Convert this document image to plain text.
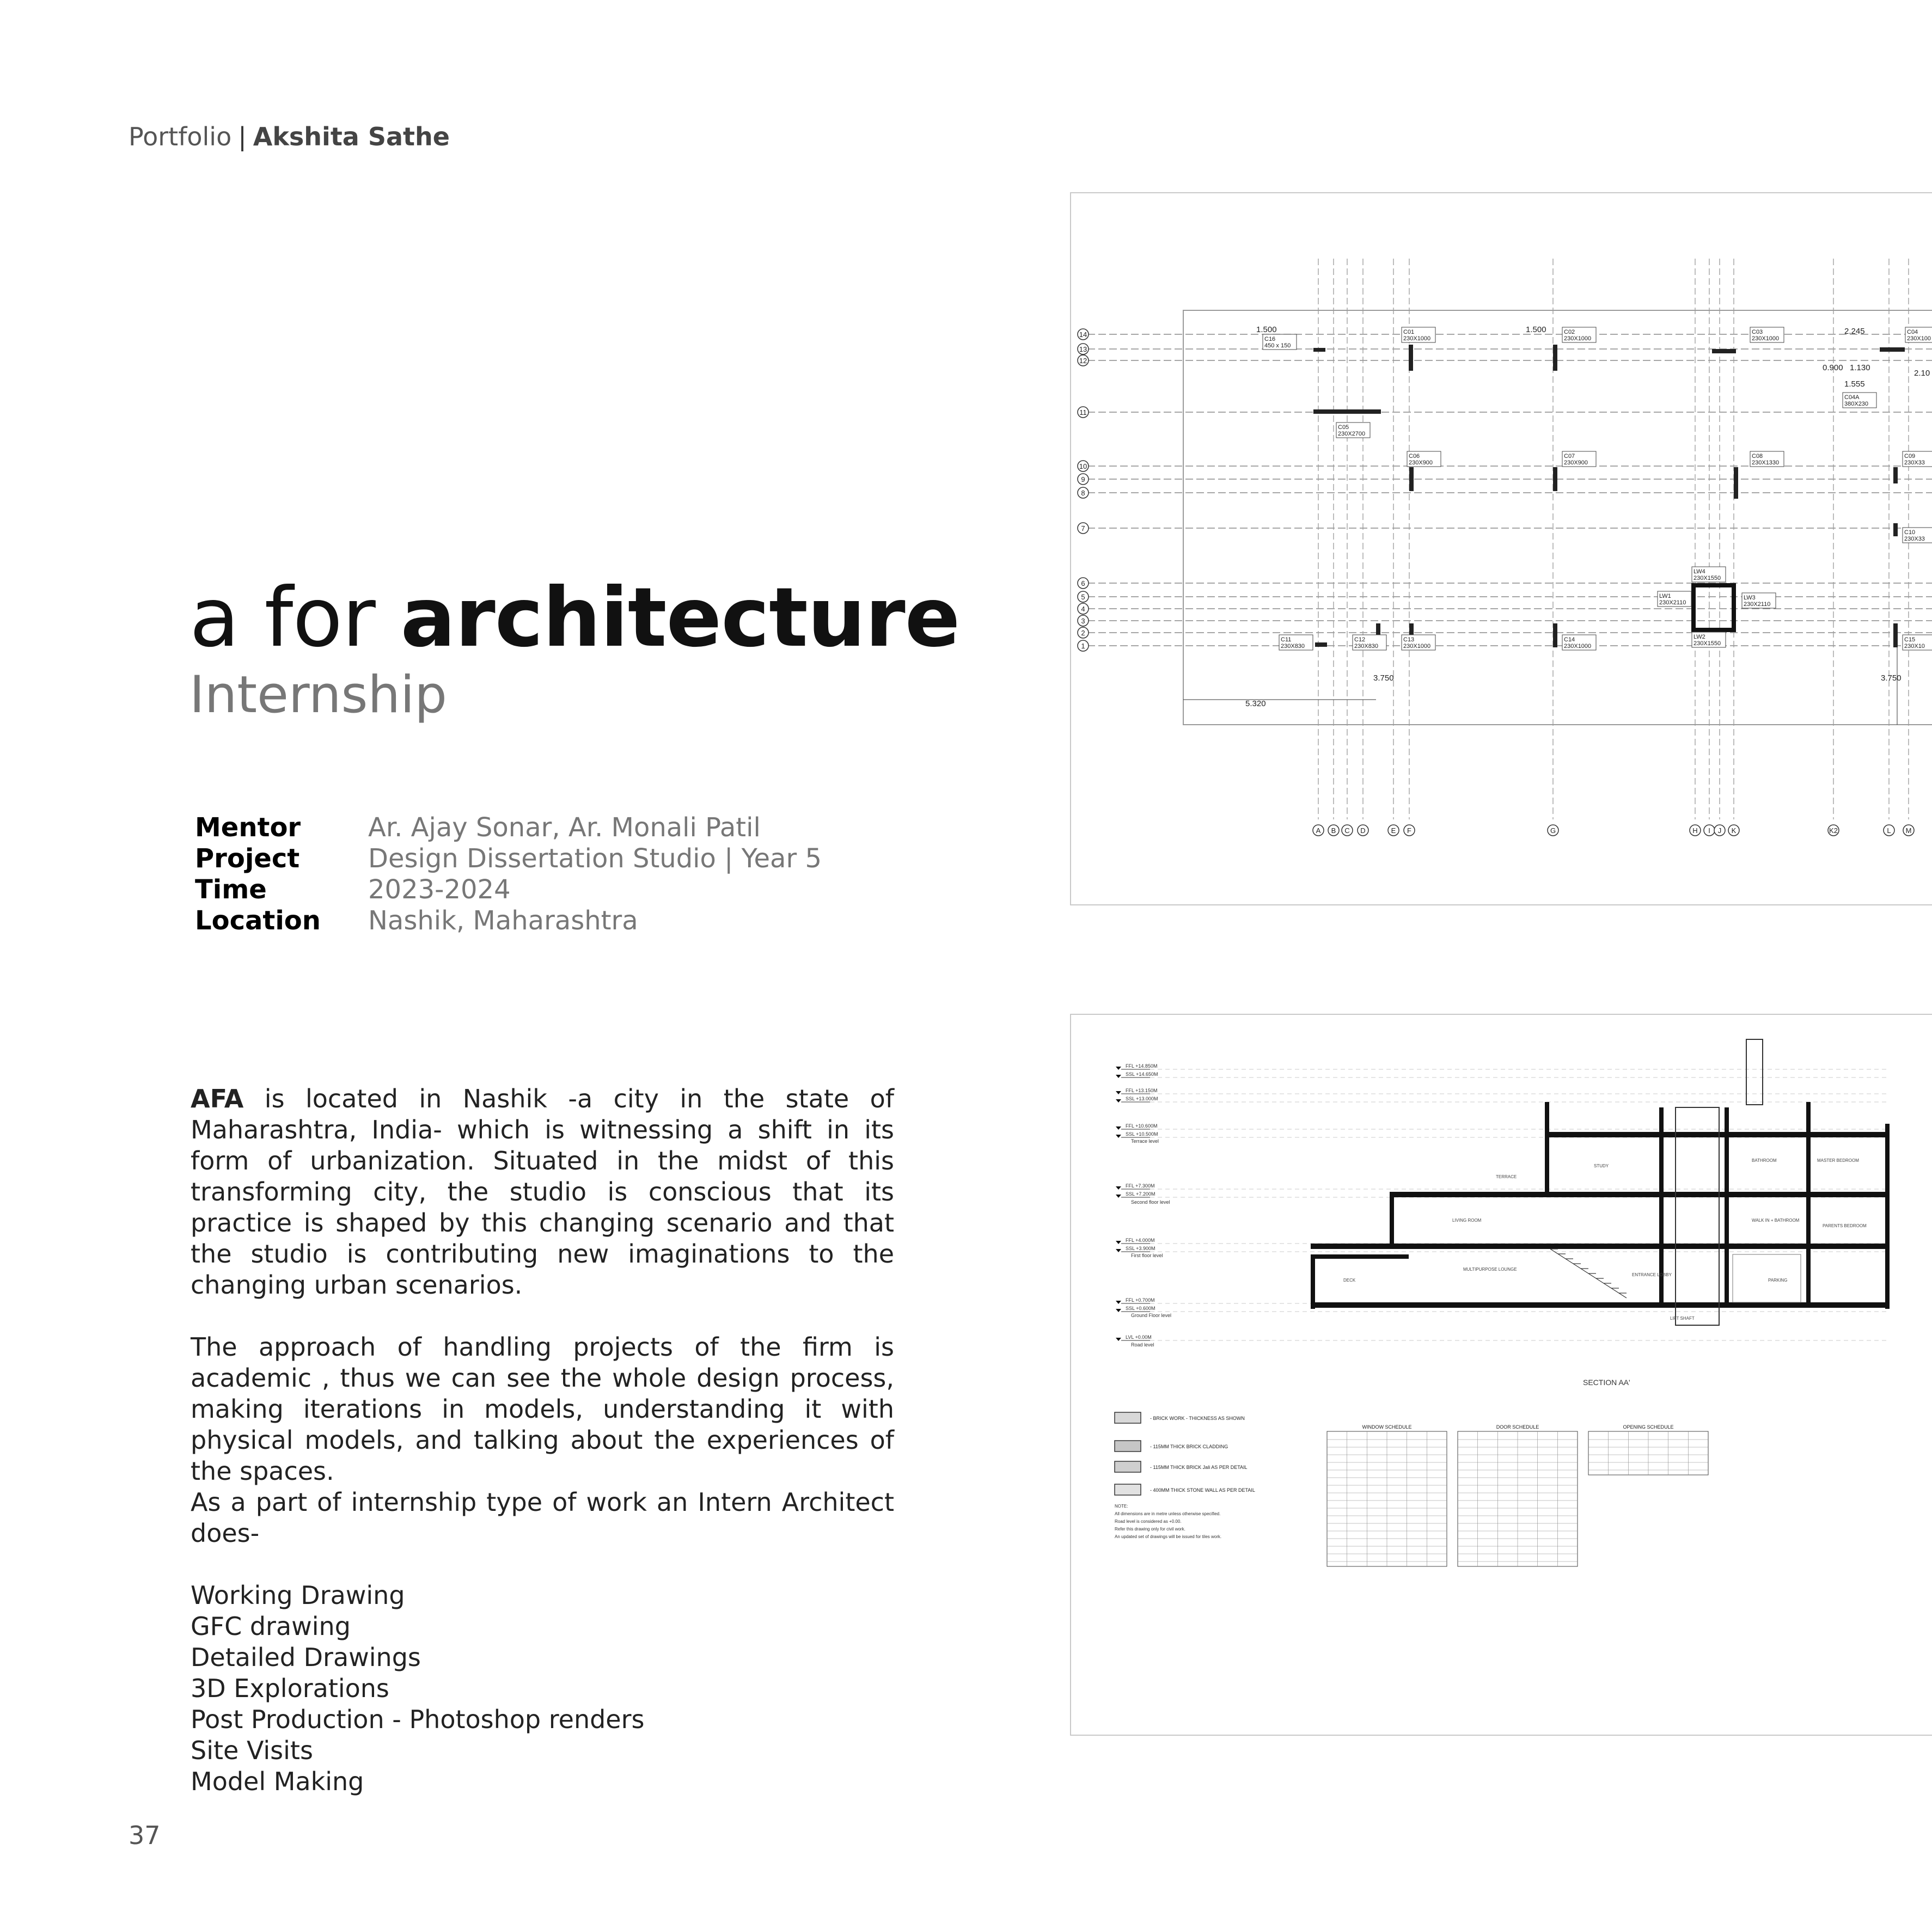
Portfolio | Akshita Sathe
a for architecture
Internship
Mentor	Ar. Ajay Sonar, Ar. Monali Patil
Project	Design Dissertation Studio | Year 5
Time	2023-2024
Location	Nashik, Maharashtra

AFA is located in Nashik -a city in the state of Maharashtra, India- which is witnessing a shift in its form of urbanization. Situated in the midst of this transforming city, the studio is conscious that its practice is shaped by this changing scenario and that the studio is contributing new imaginations to the changing urban scenarios.

The approach of handling projects of the firm is academic , thus we can see the whole design process, making iterations in models, understanding it with physical models, and talking about the experiences of the spaces.

As a part of internship type of work an Intern Architect does-

Working Drawing
GFC drawing
Detailed Drawings
3D Explorations
Post Production - Photoshop renders
Site Visits
Model Making
37
14
13
12
11
10
9
8
7
6
5
4
3
2
1
A B C D	E F	G	H I J K	K2	L M
C16
450 x 150
C01
230X1000
C02
230X1000
C03
230X1000
C04
230X100
C05
230X2700
C06
230X900
C07
230X900
C08
230X1330
C09
230X33
C10
230X33
C11
230X830
C12
230X830
C13
230X1000
C14
230X1000
C15
230X10
LW1
230X2110
LW2
230X1550
LW3
230X2110
LW4
230X1550
C04A
380X230
1.500	1.500	2.245
1.130
0.900
1.555
2.10
5.320
3.750	3.750
FFL +14.850M
SSL +14.650M
FFL +13.150M
SSL +13.000M
FFL +10.600M
SSL +10.500M
Terrace level
FFL +7.300M
SSL +7.200M
Second floor level
FFL +4.000M
SSL +3.900M
First floor level
FFL +0.700M
SSL +0.600M
Ground Floor level
LVL +0.00M
Road level
DECK
LIVING ROOM
MULTIPURPOSE LOUNGE
TERRACE
STUDY
BATHROOM	MASTER BEDROOM
WALK IN + BATHROOM
PARENTS BEDROOM
PARKING
ENTRANCE LOBBY
LIFT SHAFT
SECTION AA'
- BRICK WORK - THICKNESS AS SHOWN
- 115MM THICK BRICK CLADDING
- 115MM THICK BRICK Jali AS PER DETAIL
- 400MM THICK STONE WALL AS PER DETAIL
NOTE:
All dimensions are in metre unless otherwise specified.
Road level is considered as +0.00.
Refer this drawing only for civil work.
An updated set of drawings will be issued for tiles work.
WINDOW SCHEDULE	DOOR SCHEDULE	OPENING SCHEDULE
